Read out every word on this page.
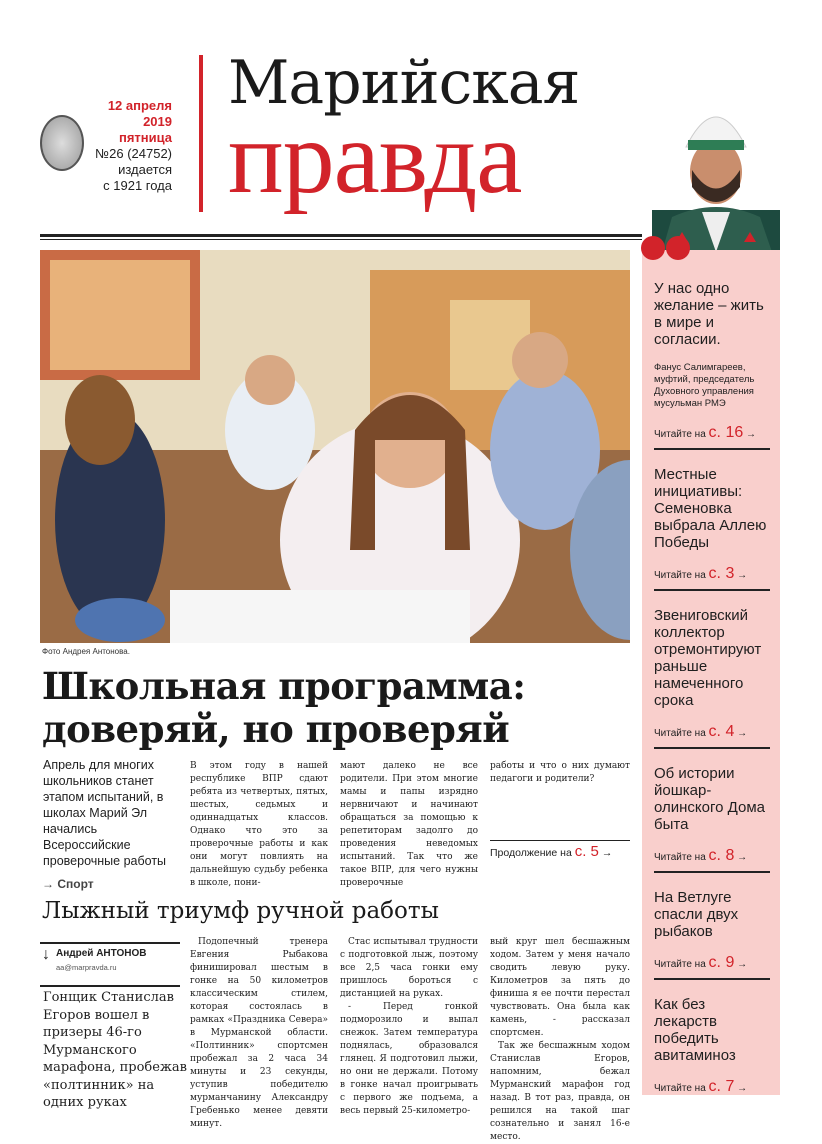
12 апреля 2019
пятница
№26 (24752)
издается
с 1921 года
Марийская
правда
У нас одно желание – жить в мире и согласии.
Фанус Салимгареев, муфтий, председатель Духовного управления мусульман РМЭ
Читайте на с. 16 →
Местные инициативы: Семеновка выбрала Аллею Победы
Читайте на с. 3 →
Звениговский коллектор отремонтируют раньше намеченного срока
Читайте на с. 4 →
Об истории йошкар-олинского Дома быта
Читайте на с. 8 →
На Ветлуге спасли двух рыбаков
Читайте на с. 9 →
Как без лекарств победить авитаминоз
Читайте на с. 7 →
Фото Андрея Антонова.
Школьная программа:
доверяй, но проверяй
Апрель для многих школьников станет этапом испытаний, в школах Марий Эл начались Всероссийские проверочные работы
В этом году в нашей республике ВПР сдают ребята из четвертых, пятых, шестых, седьмых и одиннадцатых классов. Однако что это за проверочные работы и как они могут повлиять на дальнейшую судьбу ребенка в школе, пони-
мают далеко не все родители. При этом многие мамы и папы изрядно нервничают и начинают обращаться за помощью к репетиторам задолго до проведения неведомых испытаний. Так что же такое ВПР, для чего нужны проверочные
работы и что о них думают педагоги и родители?
Продолжение на с. 5 →
→ Спорт
Лыжный триумф ручной работы
↓ Андрей АНТОНОВ
aa@marpravda.ru
Гонщик Станислав Егоров вошел в призеры 46-го Мурманского марафона, пробежав «полтинник» на одних руках

Подопечный тренера Евгения Рыбакова финишировал шестым в гонке на 50 километров классическим стилем, которая состоялась в рамках «Праздника Севера» в Мурманской области. «Полтинник» спортсмен пробежал за 2 часа 34 минуты и 23 секунды, уступив победителю мурманчанину Александру Гребенько менее девяти минут.

Стас испытывал трудности с подготовкой лыж, поэтому все 2,5 часа гонки ему пришлось бороться с дистанцией на руках.

- Перед гонкой подморозило и выпал снежок. Затем температура поднялась, образовался глянец. Я подготовил лыжи, но они не держали. Потому в гонке начал проигрывать с первого же подъема, а весь первый 25-километро-

вый круг шел бесшажным ходом. Затем у меня начало сводить левую руку. Километров за пять до финиша я ее почти перестал чувствовать. Она была как камень, - рассказал спортсмен.

Так же бесшажным ходом Станислав Егоров, напомним, бежал Мурманский марафон год назад. В тот раз, правда, он решился на такой шаг сознательно и занял 16-е место.
